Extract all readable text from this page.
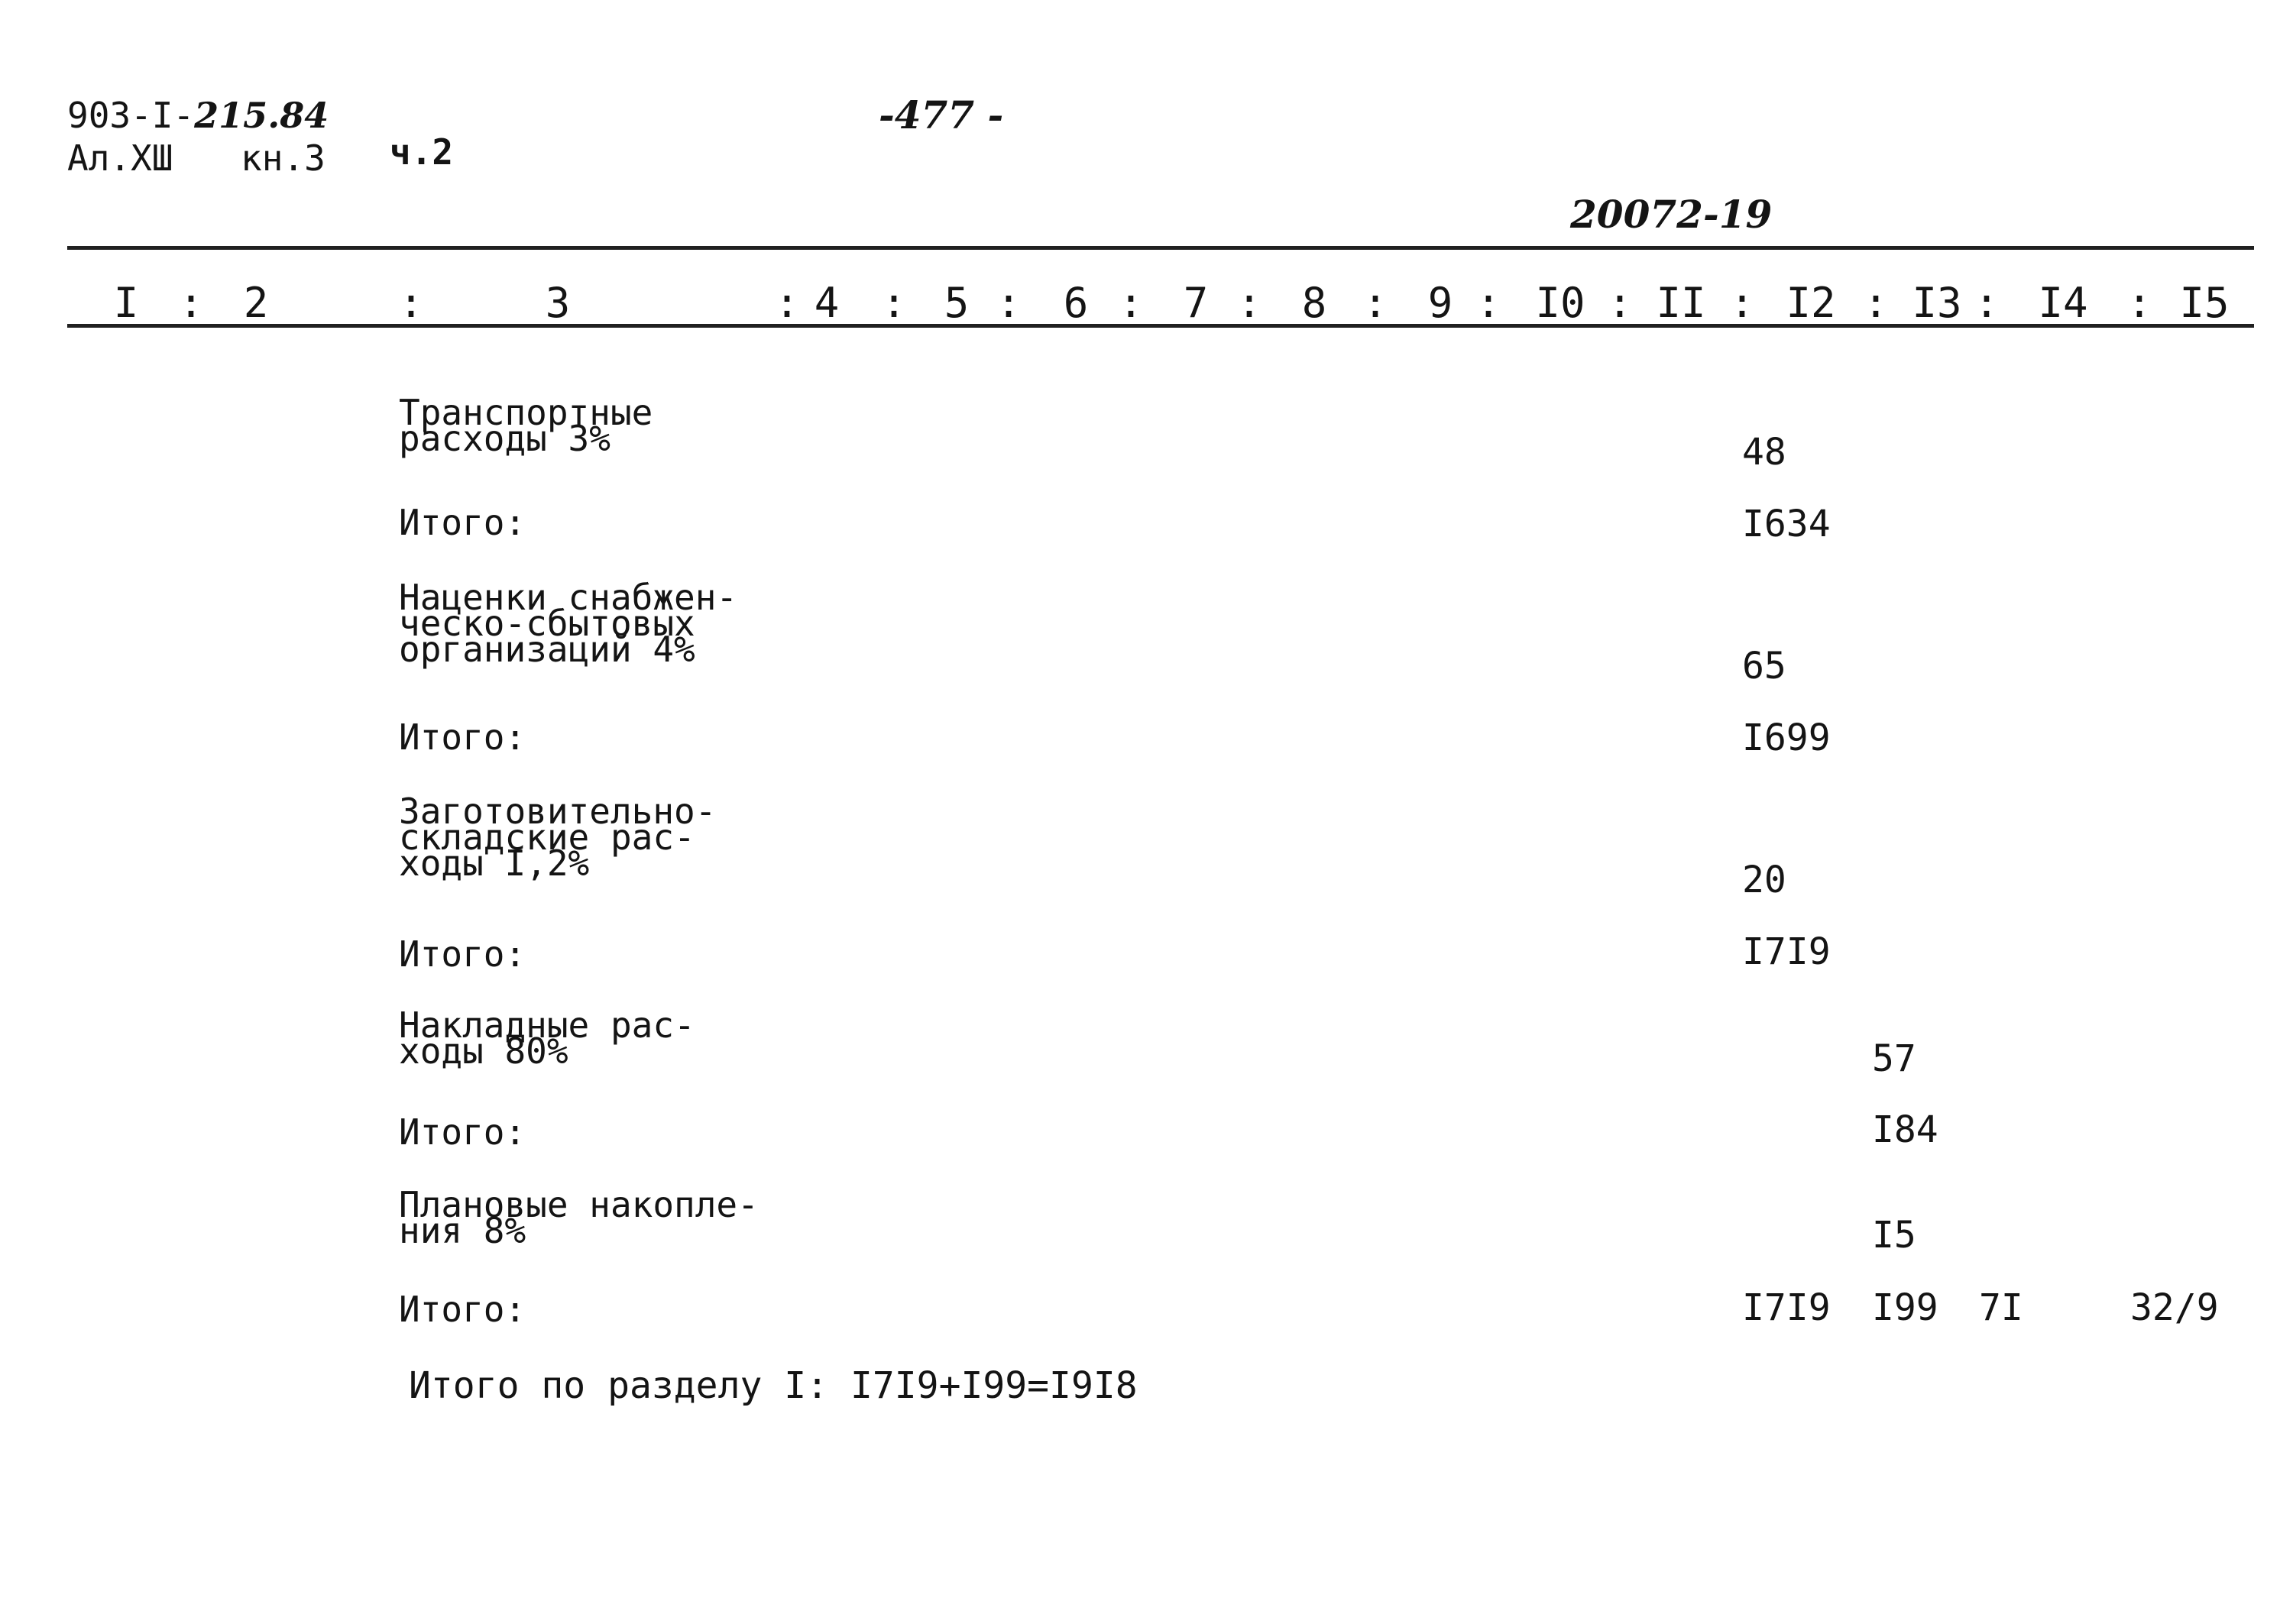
903-I-215.84
Ал.XШ кн.3 ч.2
-477 -
20072-19
I : 2	:	3	: 4 : 5 : 6 : 7 : 8 : 9 : I0 : II : I2 : I3 : I4 : I5
Транспортные
расходы 3%	48
Итого:	I634
Наценки снабжен-
ческо-сбытовых
организаций 4%	65
Итого:	I699
Заготовительно-
складские рас-
ходы I,2%	20
Итого:	I7I9
Накладные рас-
ходы 80%	57
Итого:	I84
Плановые накопле-
ния 8%	I5
Итого:	I7I9 I99 7I	32/9
Итого по разделу I: I7I9+I99=I9I8
